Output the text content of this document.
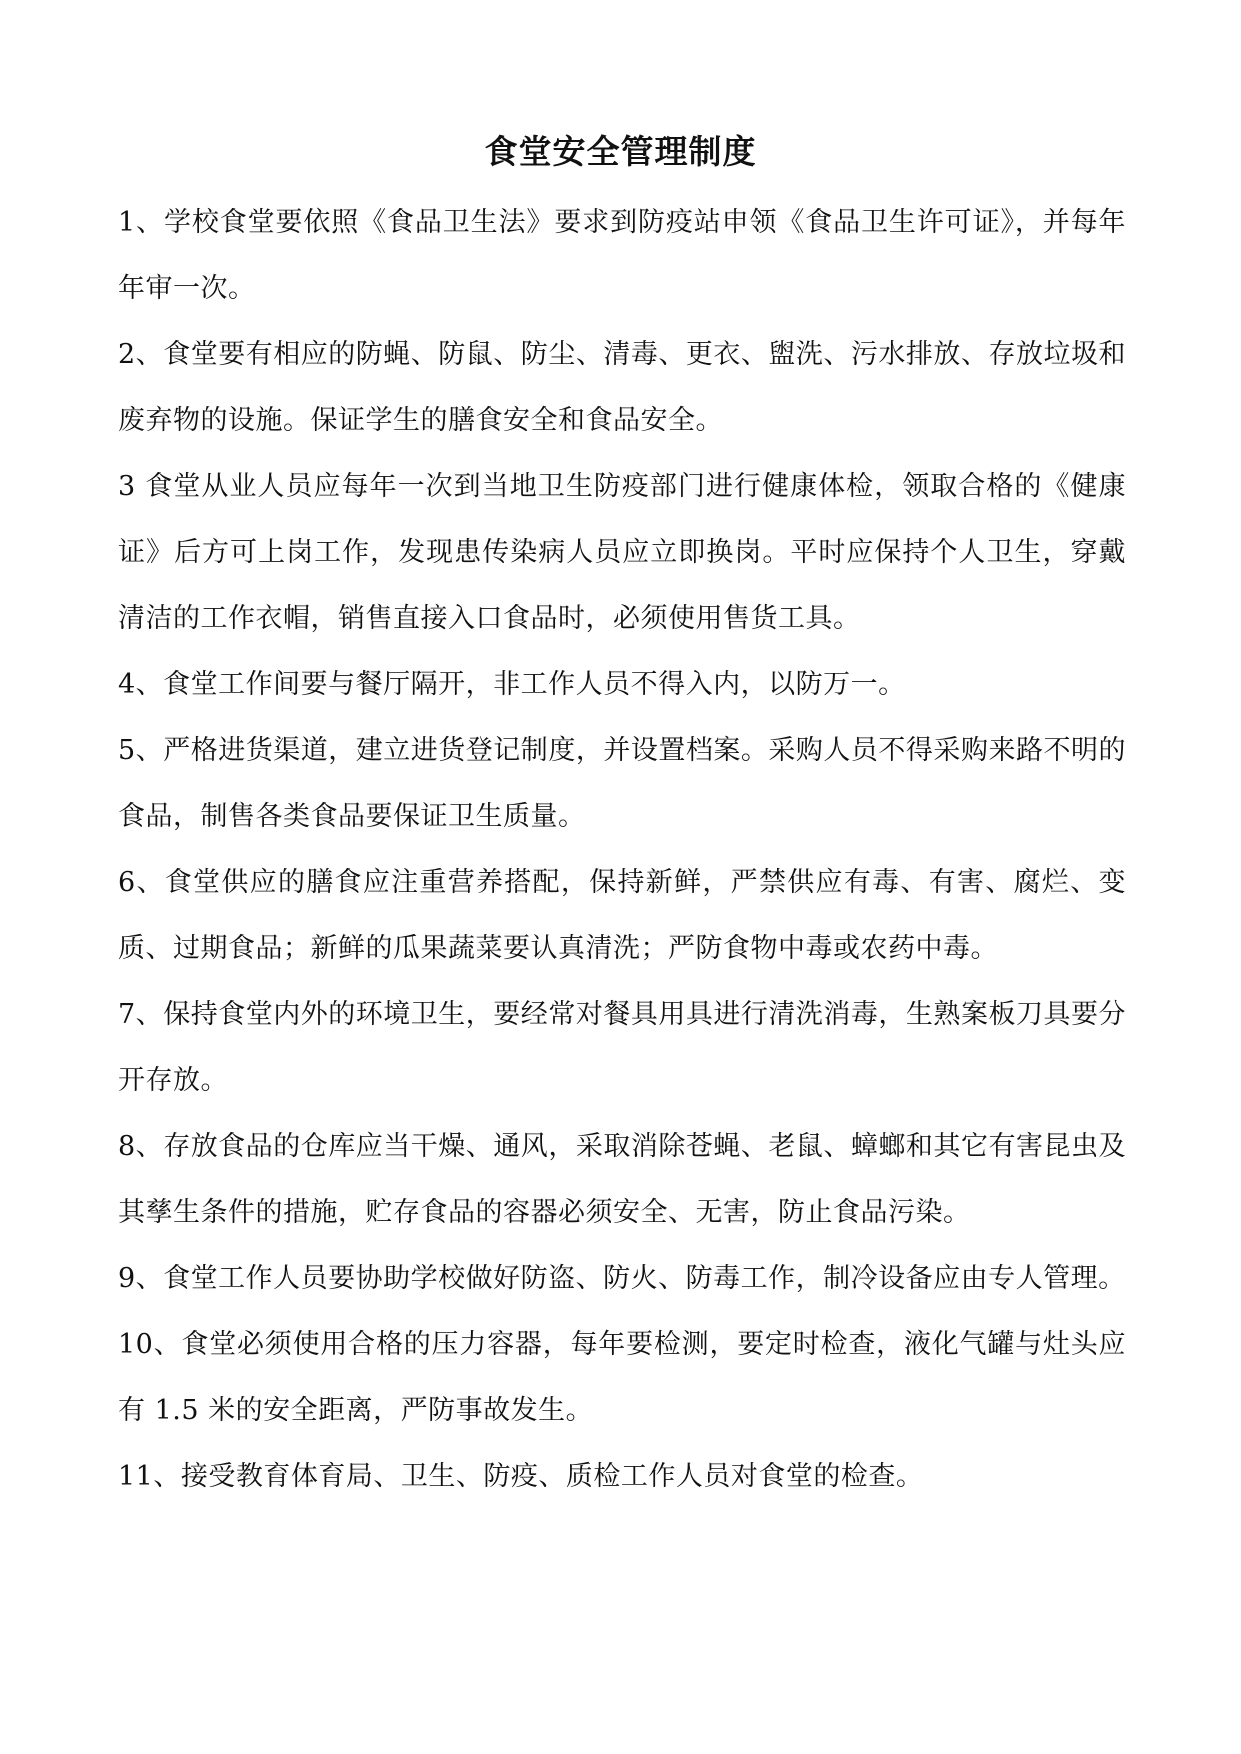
食堂安全管理制度

1、学校食堂要依照《食品卫生法》要求到防疫站申领《食品卫生许可证》，并每年年审一次。

2、食堂要有相应的防蝇、防鼠、防尘、清毒、更衣、盥洗、污水排放、存放垃圾和废弃物的设施。保证学生的膳食安全和食品安全。

3 食堂从业人员应每年一次到当地卫生防疫部门进行健康体检，领取合格的《健康证》后方可上岗工作，发现患传染病人员应立即换岗。平时应保持个人卫生，穿戴清洁的工作衣帽，销售直接入口食品时，必须使用售货工具。

4、食堂工作间要与餐厅隔开，非工作人员不得入内，以防万一。

5、严格进货渠道，建立进货登记制度，并设置档案。采购人员不得采购来路不明的食品，制售各类食品要保证卫生质量。

6、食堂供应的膳食应注重营养搭配，保持新鲜，严禁供应有毒、有害、腐烂、变质、过期食品；新鲜的瓜果蔬菜要认真清洗；严防食物中毒或农药中毒。

7、保持食堂内外的环境卫生，要经常对餐具用具进行清洗消毒，生熟案板刀具要分开存放。

8、存放食品的仓库应当干燥、通风，采取消除苍蝇、老鼠、蟑螂和其它有害昆虫及其孳生条件的措施，贮存食品的容器必须安全、无害，防止食品污染。

9、食堂工作人员要协助学校做好防盗、防火、防毒工作，制冷设备应由专人管理。

10、食堂必须使用合格的压力容器，每年要检测，要定时检查，液化气罐与灶头应有 1.5 米的安全距离，严防事故发生。

11、接受教育体育局、卫生、防疫、质检工作人员对食堂的检查。
